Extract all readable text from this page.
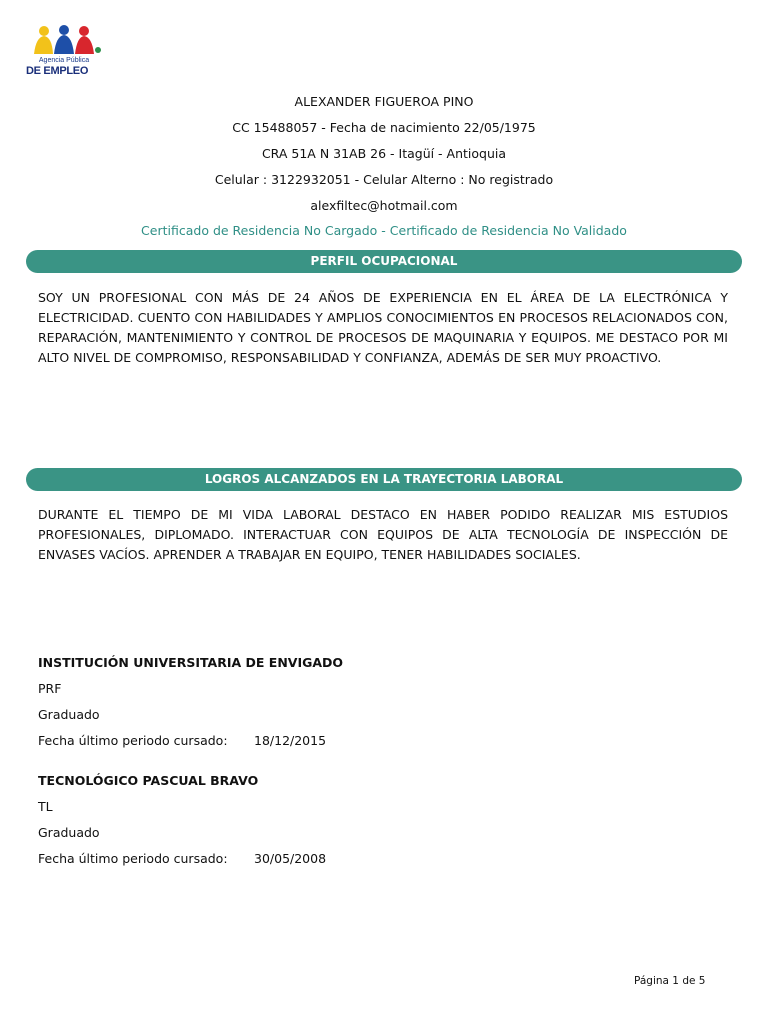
Agencia Pública
DE EMPLEO
ALEXANDER FIGUEROA PINO
CC 15488057 - Fecha de nacimiento 22/05/1975
CRA 51A N 31AB 26 - Itagüí - Antioquia
Celular : 3122932051 - Celular Alterno : No registrado
alexfiltec@hotmail.com
Certificado de Residencia No Cargado - Certificado de Residencia No Validado
PERFIL OCUPACIONAL
SOY UN PROFESIONAL CON MÁS DE 24 AÑOS DE EXPERIENCIA EN EL ÁREA DE LA ELECTRÓNICA Y ELECTRICIDAD. CUENTO CON HABILIDADES Y AMPLIOS CONOCIMIENTOS EN PROCESOS RELACIONADOS CON, REPARACIÓN, MANTENIMIENTO Y CONTROL DE PROCESOS DE MAQUINARIA Y EQUIPOS. ME DESTACO POR MI ALTO NIVEL DE COMPROMISO, RESPONSABILIDAD Y CONFIANZA, ADEMÁS DE SER MUY PROACTIVO.
LOGROS ALCANZADOS EN LA TRAYECTORIA LABORAL
DURANTE EL TIEMPO DE MI VIDA LABORAL DESTACO EN HABER PODIDO REALIZAR MIS ESTUDIOS PROFESIONALES, DIPLOMADO. INTERACTUAR CON EQUIPOS DE ALTA TECNOLOGÍA DE INSPECCIÓN DE ENVASES VACÍOS. APRENDER A TRABAJAR EN EQUIPO, TENER HABILIDADES SOCIALES.
INSTITUCIÓN UNIVERSITARIA DE ENVIGADO
PRF
Graduado
Fecha último periodo cursado: 18/12/2015
TECNOLÓGICO PASCUAL BRAVO
TL
Graduado
Fecha último periodo cursado: 30/05/2008
Página 1 de 5
